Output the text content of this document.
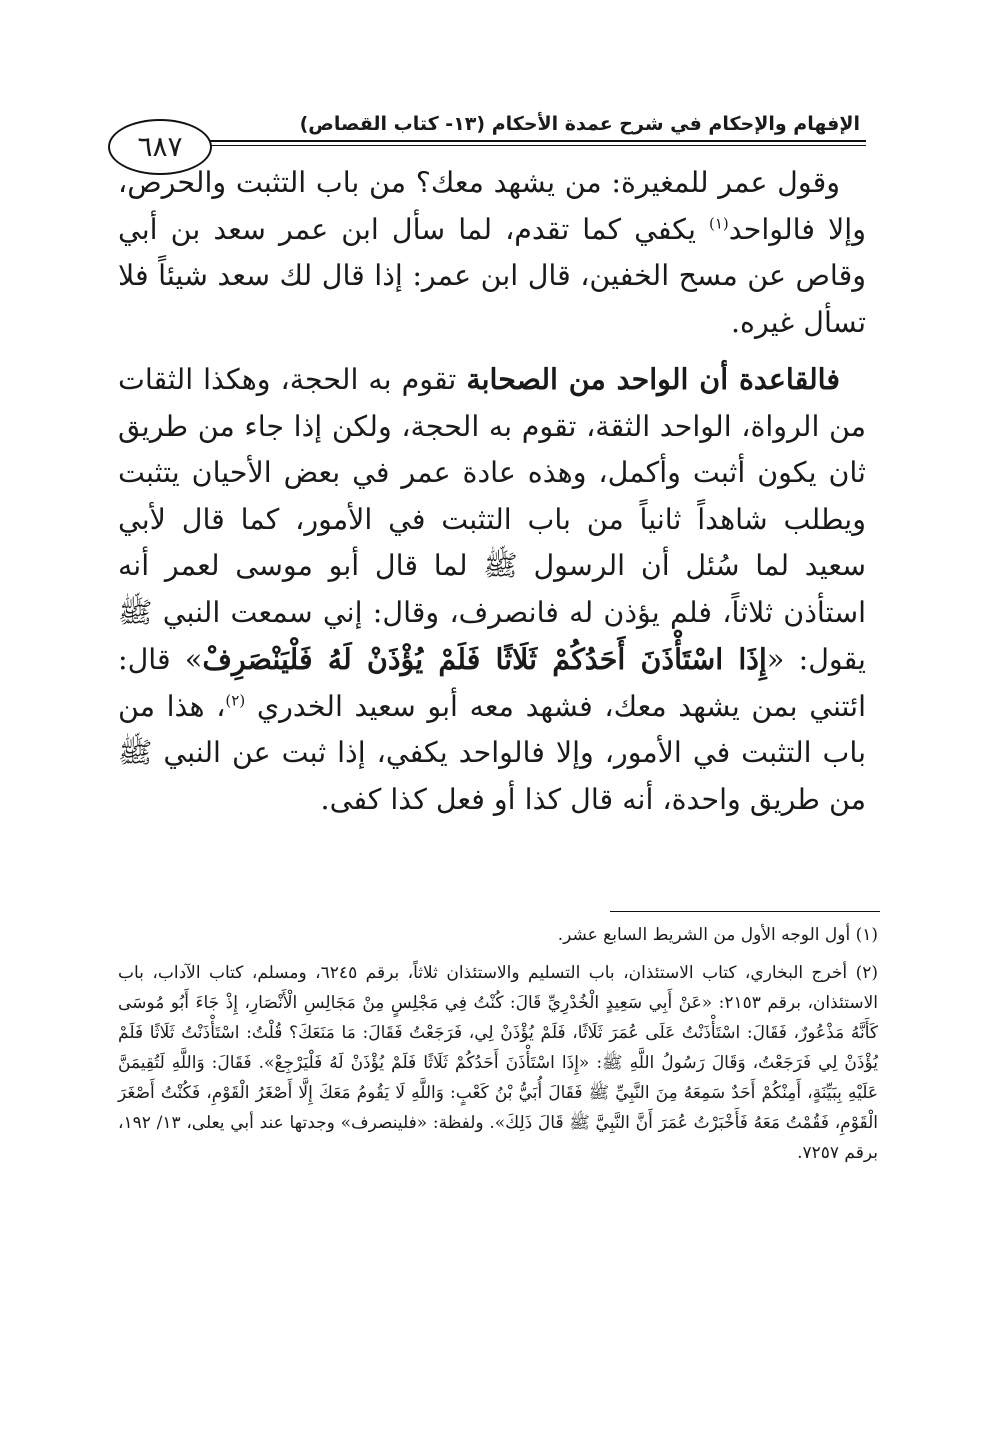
الإفهام والإحكام في شرح عمدة الأحكام (١٣- كتاب القصاص)
٦٨٧

وقول عمر للمغيرة: من يشهد معك؟ من باب التثبت والحرص، وإلا فالواحد$^{(١)}$ يكفي كما تقدم، لما سأل ابن عمر سعد بن أبي وقاص عن مسح الخفين، قال ابن عمر: إذا قال لك سعد شيئاً فلا تسأل غيره.

فالقاعدة أن الواحد من الصحابة تقوم به الحجة، وهكذا الثقات من الرواة، الواحد الثقة، تقوم به الحجة، ولكن إذا جاء من طريق ثان يكون أثبت وأكمل، وهذه عادة عمر في بعض الأحيان يتثبت ويطلب شاهداً ثانياً من باب التثبت في الأمور، كما قال لأبي سعيد لما سُئل أن الرسول ﷺ لما قال أبو موسى لعمر أنه استأذن ثلاثاً، فلم يؤذن له فانصرف، وقال: إني سمعت النبي ﷺ يقول: «إِذَا اسْتَأْذَنَ أَحَدُكُمْ ثَلَاثًا فَلَمْ يُؤْذَنْ لَهُ فَلْيَنْصَرِفْ» قال: ائتني بمن يشهد معك، فشهد معه أبو سعيد الخدري $^{(٢)}$، هذا من باب التثبت في الأمور، وإلا فالواحد يكفي، إذا ثبت عن النبي ﷺ من طريق واحدة، أنه قال كذا أو فعل كذا كفى.

(١) أول الوجه الأول من الشريط السابع عشر.

(٢) أخرج البخاري، كتاب الاستئذان، باب التسليم والاستئذان ثلاثاً، برقم ٦٢٤٥، ومسلم، كتاب الآداب، باب الاستئذان، برقم ٢١٥٣: «عَنْ أَبِي سَعِيدٍ الْخُدْرِيِّ قَالَ: كُنْتُ فِي مَجْلِسٍ مِنْ مَجَالِسِ الْأَنْصَارِ، إِذْ جَاءَ أَبُو مُوسَى كَأَنَّهُ مَذْعُورٌ، فَقَالَ: اسْتَأْذَنْتُ عَلَى عُمَرَ ثَلَاثًا، فَلَمْ يُؤْذَنْ لِي، فَرَجَعْتُ فَقَالَ: مَا مَنَعَكَ؟ قُلْتُ: اسْتَأْذَنْتُ ثَلَاثًا فَلَمْ يُؤْذَنْ لِي فَرَجَعْتُ، وَقَالَ رَسُولُ اللَّهِ ﷺ: «إِذَا اسْتَأْذَنَ أَحَدُكُمْ ثَلَاثًا فَلَمْ يُؤْذَنْ لَهُ فَلْيَرْجِعْ». فَقَالَ: وَاللَّهِ لَتُقِيمَنَّ عَلَيْهِ بِبَيِّنَةٍ، أَمِنْكُمْ أَحَدٌ سَمِعَهُ مِنَ النَّبِيِّ ﷺ فَقَالَ أُبَيُّ بْنُ كَعْبٍ: وَاللَّهِ لَا يَقُومُ مَعَكَ إِلَّا أَصْغَرُ الْقَوْمِ، فَكُنْتُ أَصْغَرَ الْقَوْمِ، فَقُمْتُ مَعَهُ فَأَخْبَرْتُ عُمَرَ أَنَّ النَّبِيَّ ﷺ قَالَ ذَلِكَ». ولفظة: «فلينصرف» وجدتها عند أبي يعلى، ١٣/ ١٩٢، برقم ٧٢٥٧.
